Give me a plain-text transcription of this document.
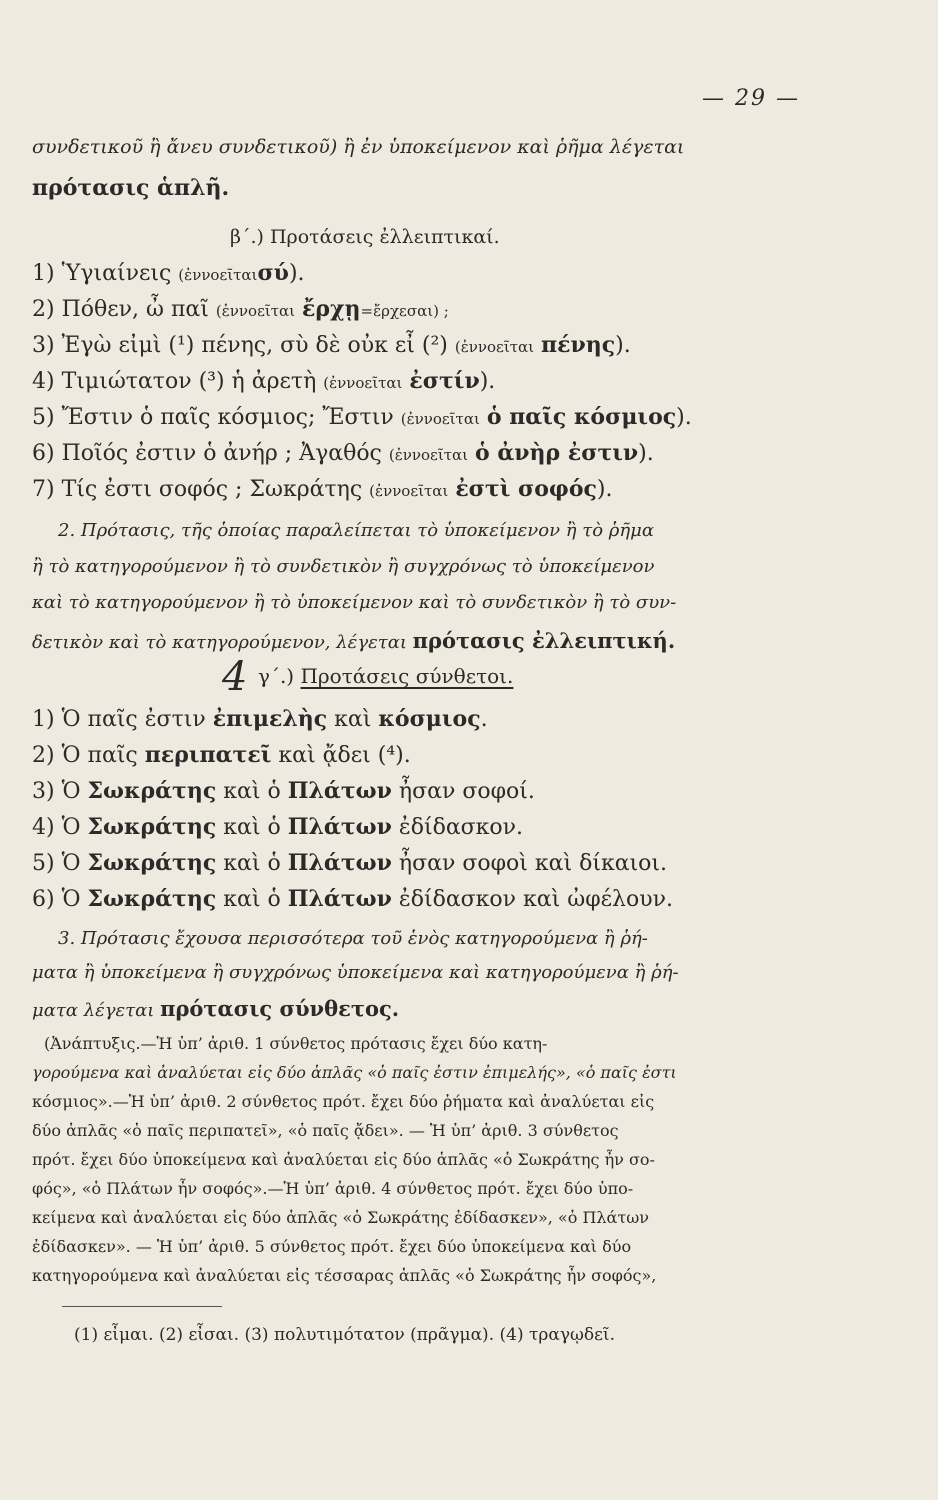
— 29 —
συνδετικοῦ ἢ ἄνευ συνδετικοῦ) ἢ ἐν ὑποκείμενον καὶ ῥῆμα λέγεται
πρότασις ἁπλῆ.
β΄.) Προτάσεις ἐλλειπτικαί.
1) Ὑγιαίνεις (ἐννοεῖταισύ).
2) Πόθεν, ὦ παῖ (ἐννοεῖται ἔρχῃ=ἔρχεσαι) ;
3) Ἐγὼ εἰμὶ (¹) πένης, σὺ δὲ οὐκ εἶ (²) (ἐννοεῖται πένης).
4) Τιμιώτατον (³) ἡ ἀρετὴ (ἐννοεῖται ἐστίν).
5) Ἔστιν ὁ παῖς κόσμιος; Ἔστιν (ἐννοεῖται ὁ παῖς κόσμιος).
6) Ποῖός ἐστιν ὁ ἀνήρ ; Ἀγαθός (ἐννοεῖται ὁ ἀνὴρ ἐστιν).
7) Τίς ἐστι σοφός ; Σωκράτης (ἐννοεῖται ἐστὶ σοφός).
2. Πρότασις, τῆς ὁποίας παραλείπεται τὸ ὑποκείμενον ἢ τὸ ῥῆμα
ἢ τὸ κατηγορούμενον ἢ τὸ συνδετικὸν ἢ συγχρόνως τὸ ὑποκείμενον
καὶ τὸ κατηγορούμενον ἢ τὸ ὑποκείμενον καὶ τὸ συνδετικὸν ἢ τὸ συν-
δετικὸν καὶ τὸ κατηγορούμενον, λέγεται πρότασις ἐλλειπτική.
4 γ΄.) Προτάσεις σύνθετοι.
1) Ὁ παῖς ἐστιν ἐπιμελὴς καὶ κόσμιος.
2) Ὁ παῖς περιπατεῖ καὶ ᾄδει (⁴).
3) Ὁ Σωκράτης καὶ ὁ Πλάτων ἦσαν σοφοί.
4) Ὁ Σωκράτης καὶ ὁ Πλάτων ἐδίδασκον.
5) Ὁ Σωκράτης καὶ ὁ Πλάτων ἦσαν σοφοὶ καὶ δίκαιοι.
6) Ὁ Σωκράτης καὶ ὁ Πλάτων ἐδίδασκον καὶ ὠφέλουν.
3. Πρότασις ἔχουσα περισσότερα τοῦ ἑνὸς κατηγορούμενα ἢ ῥή-
ματα ἢ ὑποκείμενα ἢ συγχρόνως ὑποκείμενα καὶ κατηγορούμενα ἢ ῥή-
ματα λέγεται πρότασις σύνθετος.
(Ἀνάπτυξις.—Ἡ ὑπ’ ἀριθ. 1 σύνθετος πρότασις ἔχει δύο κατη-
γορούμενα καὶ ἀναλύεται εἰς δύο ἁπλᾶς «ὁ παῖς ἐστιν ἐπιμελής», «ὁ παῖς ἐστι
κόσμιος».—Ἡ ὑπ’ ἀριθ. 2 σύνθετος πρότ. ἔχει δύο ῥήματα καὶ ἀναλύεται εἰς
δύο ἁπλᾶς «ὁ παῖς περιπατεῖ», «ὁ παῖς ᾄδει». — Ἡ ὑπ’ ἀριθ. 3 σύνθετος
πρότ. ἔχει δύο ὑποκείμενα καὶ ἀναλύεται εἰς δύο ἁπλᾶς «ὁ Σωκράτης ἦν σο-
φός», «ὁ Πλάτων ἦν σοφός».—Ἡ ὑπ’ ἀριθ. 4 σύνθετος πρότ. ἔχει δύο ὑπο-
κείμενα καὶ ἀναλύεται εἰς δύο ἁπλᾶς «ὁ Σωκράτης ἐδίδασκεν», «ὁ Πλάτων
ἐδίδασκεν». — Ἡ ὑπ’ ἀριθ. 5 σύνθετος πρότ. ἔχει δύο ὑποκείμενα καὶ δύο
κατηγορούμενα καὶ ἀναλύεται εἰς τέσσαρας ἁπλᾶς «ὁ Σωκράτης ἦν σοφός»,
(1) εἶμαι. (2) εἶσαι. (3) πολυτιμότατον (πρᾶγμα). (4) τραγῳδεῖ.
